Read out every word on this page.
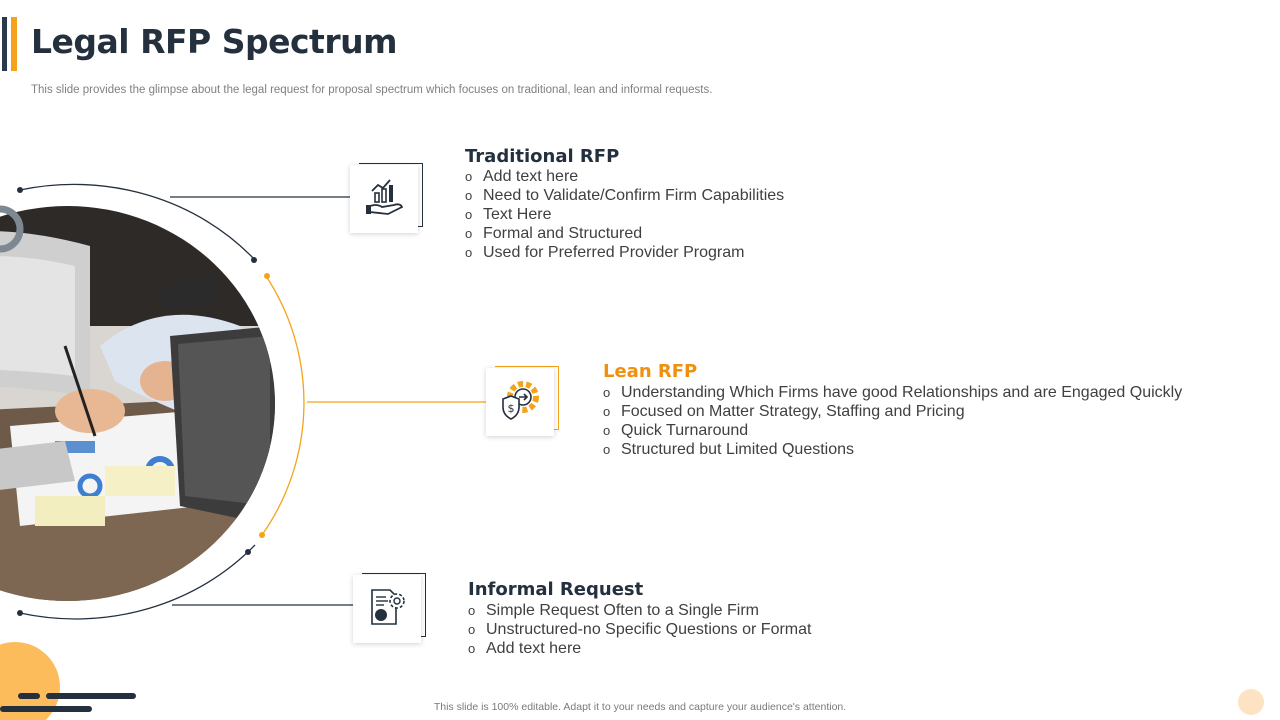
Legal RFP Spectrum

This slide provides the glimpse about the legal request for proposal spectrum which focuses on traditional, lean and informal requests.

$
Traditional RFP
o Add text here
o Need to Validate/Confirm Firm Capabilities
o Text Here
o Formal and Structured
o Used for Preferred Provider Program
Lean RFP
o Understanding Which Firms have good Relationships and are Engaged Quickly
o Focused on Matter Strategy, Staffing and Pricing
o Quick Turnaround
o Structured but Limited Questions
Informal Request
o Simple Request Often to a Single Firm
o Unstructured-no Specific Questions or Format
o Add text here

This slide is 100% editable. Adapt it to your needs and capture your audience's attention.
